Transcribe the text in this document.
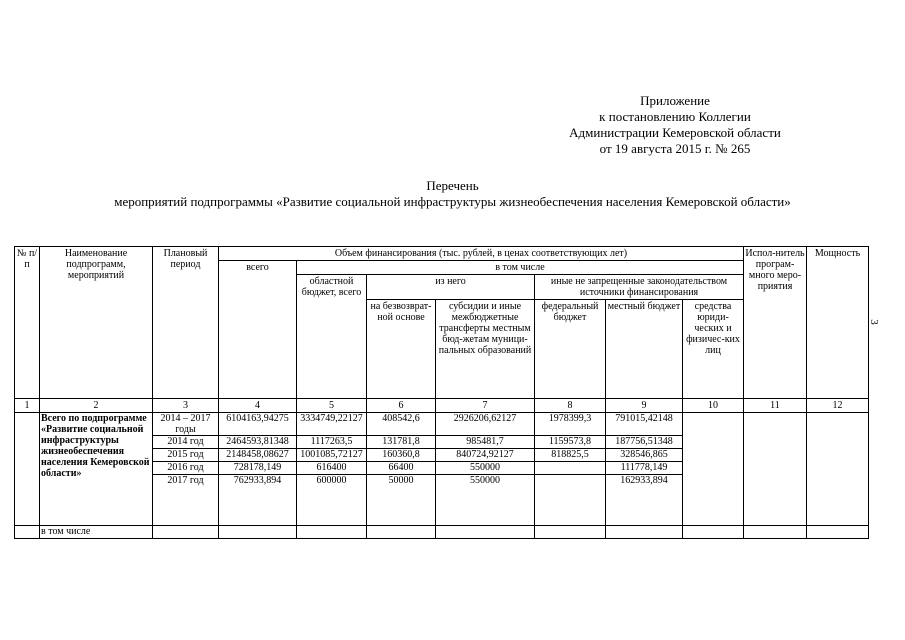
Приложение
к постановлению Коллегии
Администрации Кемеровской области
от 19 августа 2015 г. № 265
Перечень
мероприятий подпрограммы «Развитие социальной инфраструктуры жизнеобеспечения населения Кемеровской области»
3
№ п/п	Наименование подпрограмм, мероприятий	Плановый период	Объем финансирования (тыс. рублей, в ценах соответствующих лет)							Испол-нитель програм-много меро-приятия	Мощность
			всего	в том числе							
				областной бюджет, всего	из него		иные не запрещенные законодательством источники финансирования				
					на безвозврат-ной основе	субсидии и иные межбюджетные трансферты местным бюд-жетам муници-пальных образований	федеральный бюджет	местный бюджет	средства юриди-ческих и физичес-ких лиц		
1	2	3	4	5	6	7	8	9	10	11	12
	Всего по подпрограмме «Развитие социальной инфраструктуры жизнеобеспечения населения Кемеровской области»	2014 – 2017 годы	6104163,94275	3334749,22127	408542,6	2926206,62127	1978399,3	791015,42148			
		2014 год	2464593,81348	1117263,5	131781,8	985481,7	1159573,8	187756,51348			
		2015 год	2148458,08627	1001085,72127	160360,8	840724,92127	818825,5	328546,865			
		2016 год	728178,149	616400	66400	550000		111778,149			
		2017 год	762933,894	600000	50000	550000		162933,894			
	в том числе										
